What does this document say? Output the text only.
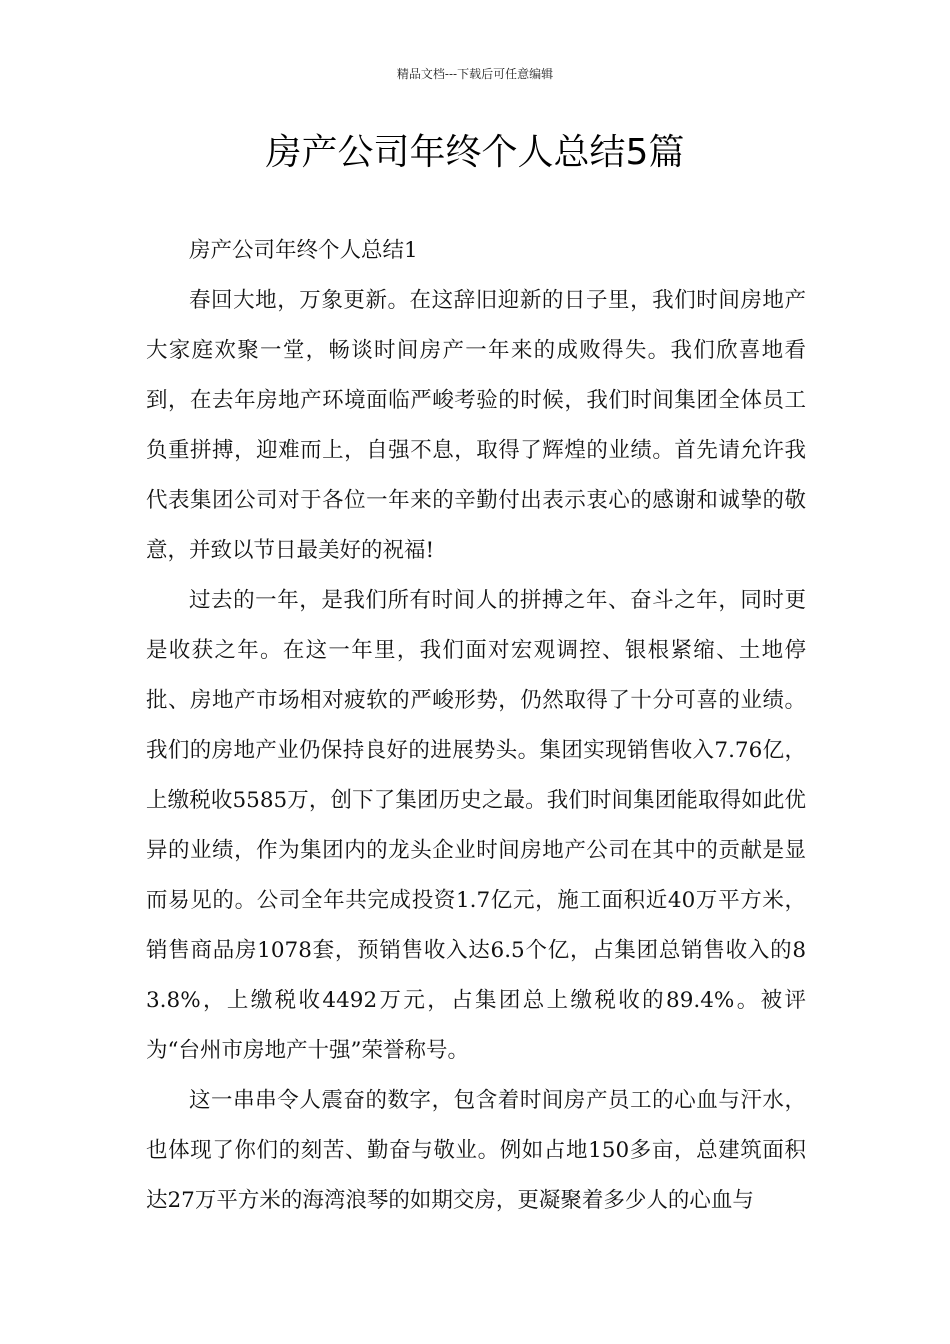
精品文档---下载后可任意编辑
房产公司年终个人总结5篇

房产公司年终个人总结1

春回大地，万象更新。在这辞旧迎新的日子里，我们时间房地产大家庭欢聚一堂，畅谈时间房产一年来的成败得失。我们欣喜地看到，在去年房地产环境面临严峻考验的时候，我们时间集团全体员工负重拼搏，迎难而上，自强不息，取得了辉煌的业绩。首先请允许我代表集团公司对于各位一年来的辛勤付出表示衷心的感谢和诚挚的敬意，并致以节日最美好的祝福!

过去的一年，是我们所有时间人的拼搏之年、奋斗之年，同时更是收获之年。在这一年里，我们面对宏观调控、银根紧缩、土地停批、房地产市场相对疲软的严峻形势，仍然取得了十分可喜的业绩。我们的房地产业仍保持良好的进展势头。集团实现销售收入7.76亿，上缴税收5585万，创下了集团历史之最。我们时间集团能取得如此优异的业绩，作为集团内的龙头企业时间房地产公司在其中的贡献是显而易见的。公司全年共完成投资1.7亿元，施工面积近40万平方米，销售商品房1078套，预销售收入达6.5个亿，占集团总销售收入的83.8%，上缴税收4492万元，占集团总上缴税收的89.4%。被评为“台州市房地产十强”荣誉称号。

这一串串令人震奋的数字，包含着时间房产员工的心血与汗水，也体现了你们的刻苦、勤奋与敬业。例如占地150多亩，总建筑面积达27万平方米的海湾浪琴的如期交房，更凝聚着多少人的心血与
